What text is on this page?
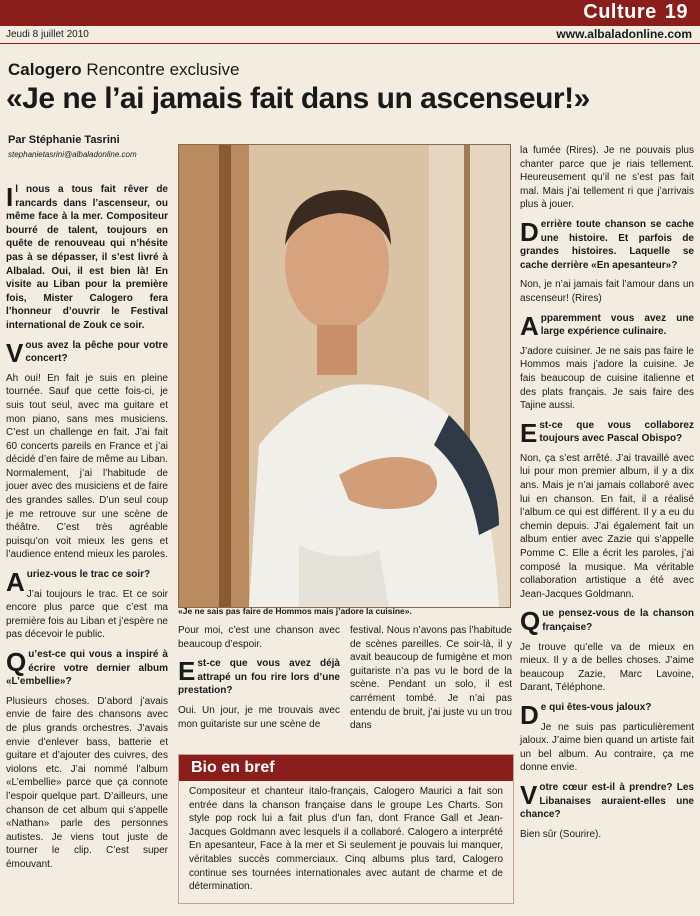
Culture 19
Jeudi 8 juillet 2010	www.albaladonline.com
Calogero Rencontre exclusive
«Je ne l’ai jamais fait dans un ascenseur!»
Par Stéphanie Tasrini
stephanietasrini@albaladonline.com

Il nous a tous fait rêver de rancards dans l’ascenseur, ou même face à la mer. Compositeur bourré de talent, toujours en quête de renouveau qui n’hésite pas à se dépasser, il s’est livré à Albalad. Oui, il est bien là! En visite au Liban pour la première fois, Mister Calogero fera l’honneur d’ouvrir le Festival international de Zouk ce soir.

Vous avez la pêche pour votre concert?

Ah oui! En fait je suis en pleine tournée. Sauf que cette fois-ci, je suis tout seul, avec ma guitare et mon piano, sans mes musiciens. C’est un challenge en fait. J’ai fait 60 concerts pareils en France et j’ai décidé d’en faire de même au Liban. Normalement, j’ai l’habitude de jouer avec des musiciens et de faire des grandes salles. D’un seul coup je me retrouve sur une scène de théâtre. C’est très agréable puisqu’on voit mieux les gens et l’audience entend mieux les paroles.

Auriez-vous le trac ce soir?

J’ai toujours le trac. Et ce soir encore plus parce que c’est ma première fois au Liban et j’espère ne pas décevoir le public.

Qu’est-ce qui vous a inspiré à écrire votre dernier album «L’embellie»?

Plusieurs choses. D’abord j’avais envie de faire des chansons avec de plus grands orchestres. J’avais envie d’enlever bass, batterie et guitare et d’ajouter des cuivres, des violons etc. J’ai nommé l’album «L’embellie» parce que ça connote l’espoir quelque part. D’ailleurs, une chanson de cet album qui s’appelle «Nathan» parle des personnes autistes. Je viens tout juste de tourner le clip. C’est super émouvant.

«Je ne sais pas faire de Hommos mais j’adore la cuisine».

Pour moi, c’est une chanson avec beaucoup d’espoir.

Est-ce que vous avez déjà attrapé un fou rire lors d’une prestation?

Oui. Un jour, je me trouvais avec mon guitariste sur une scène de

festival. Nous n’avons pas l’habitude de scènes pareilles. Ce soir-là, il y avait beaucoup de fumigène et mon guitariste n’a pas vu le bord de la scène. Pendant un solo, il est carrément tombé. Je n’ai pas entendu de bruit, j’ai juste vu un trou dans

la fumée (Rires). Je ne pouvais plus chanter parce que je riais tellement. Heureusement qu’il ne s’est pas fait mal. Mais j’ai tellement ri que j’arrivais plus à jouer.

Derrière toute chanson se cache une histoire. Et parfois de grandes histoires. Laquelle se cache derrière «En apesanteur»?

Non, je n’ai jamais fait l’amour dans un ascenseur! (Rires)

Apparemment vous avez une large expérience culinaire.

J’adore cuisiner. Je ne sais pas faire le Hommos mais j’adore la cuisine. Je fais beaucoup de cuisine italienne et des plats français. Je sais faire des Tajine aussi.

Est-ce que vous collaborez toujours avec Pascal Obispo?

Non, ça s’est arrêté. J’ai travaillé avec lui pour mon premier album, il y a dix ans. Mais je n’ai jamais collaboré avec lui en chanson. En fait, il a réalisé l’album ce qui est différent. Il y a eu du chemin depuis. J’ai également fait un album entier avec Zazie qui s’appelle Pomme C. Elle a écrit les paroles, j’ai composé la musique. Ma véritable collaboration artistique a été avec Jean-Jacques Goldmann.

Que pensez-vous de la chanson française?

Je trouve qu’elle va de mieux en mieux. Il y a de belles choses. J’aime beaucoup Zazie, Marc Lavoine, Darant, Téléphone.

De qui êtes-vous jaloux?

Je ne suis pas particulièrement jaloux. J’aime bien quand un artiste fait un bel album. Au contraire, ça me donne envie.

Votre cœur est-il à prendre? Les Libanaises auraient-elles une chance?

Bien sûr (Sourire).

Bio en bref
Compositeur et chanteur italo-français, Calogero Maurici a fait son entrée dans la chanson française dans le groupe Les Charts. Son style pop rock lui a fait plus d’un fan, dont France Gall et Jean-Jacques Goldmann avec lesquels il a collaboré. Calogero a interprété En apesanteur, Face à la mer et Si seulement je pouvais lui manquer, véritables succès commerciaux. Cinq albums plus tard, Calogero continue ses tournées internationales avec autant de charme et de détermination.
